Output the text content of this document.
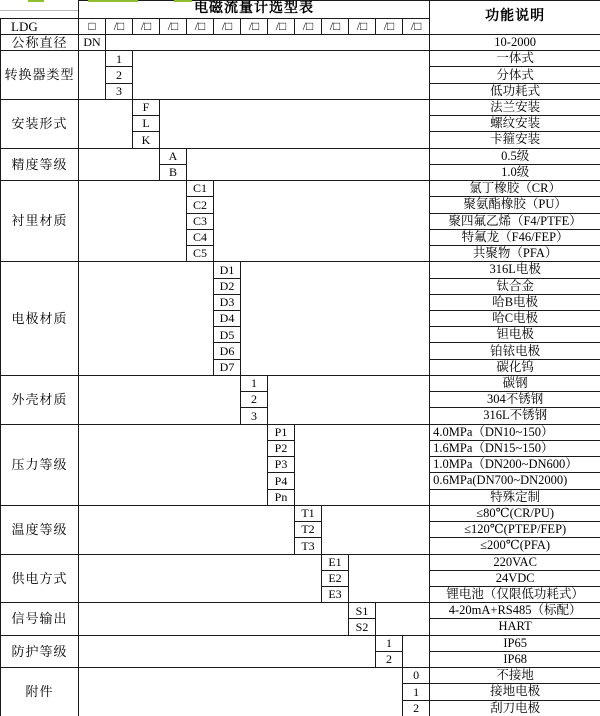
	电磁流量计选型表													功能说明
LDG	□	/□	/□	/□	/□	/□	/□	/□	/□	/□	/□	/□	/□	
公称直径	DN													10-2000
转换器类型		1												一体式
		2												分体式
		3												低功耗式
安装形式			F											法兰安装
			L											螺纹安装
			K											卡箍安装
精度等级				A										0.5级
				B										1.0级
衬里材质					C1									氯丁橡胶（CR）
					C2									聚氨酯橡胶（PU）
					C3									聚四氟乙烯（F4/PTFE）
					C4									特氟龙（F46/FEP）
					C5									共聚物（PFA）
电极材质						D1								316L电极
						D2								钛合金
						D3								哈B电极
						D4								哈C电极
						D5								钽电极
						D6								铂铱电极
						D7								碳化钨
外壳材质							1							碳钢
							2							304不锈钢
							3							316L不锈钢
压力等级								P1						4.0MPa（DN10~150）
								P2						1.6MPa（DN15~150）
								P3						1.0MPa（DN200~DN600）
								P4						0.6MPa(DN700~DN2000)
								Pn						特殊定制
温度等级									T1					≤80℃(CR/PU)
									T2					≤120℃(PTEP/FEP)
									T3					≤200℃(PFA)
供电方式										E1				220VAC
										E2				24VDC
										E3				锂电池（仅限低功耗式）
信号输出											S1			4-20mA+RS485（标配）
											S2			HART
防护等级												1		IP65
												2		IP68
附件													0	不接地
													1	接地电极
													2	刮刀电极
